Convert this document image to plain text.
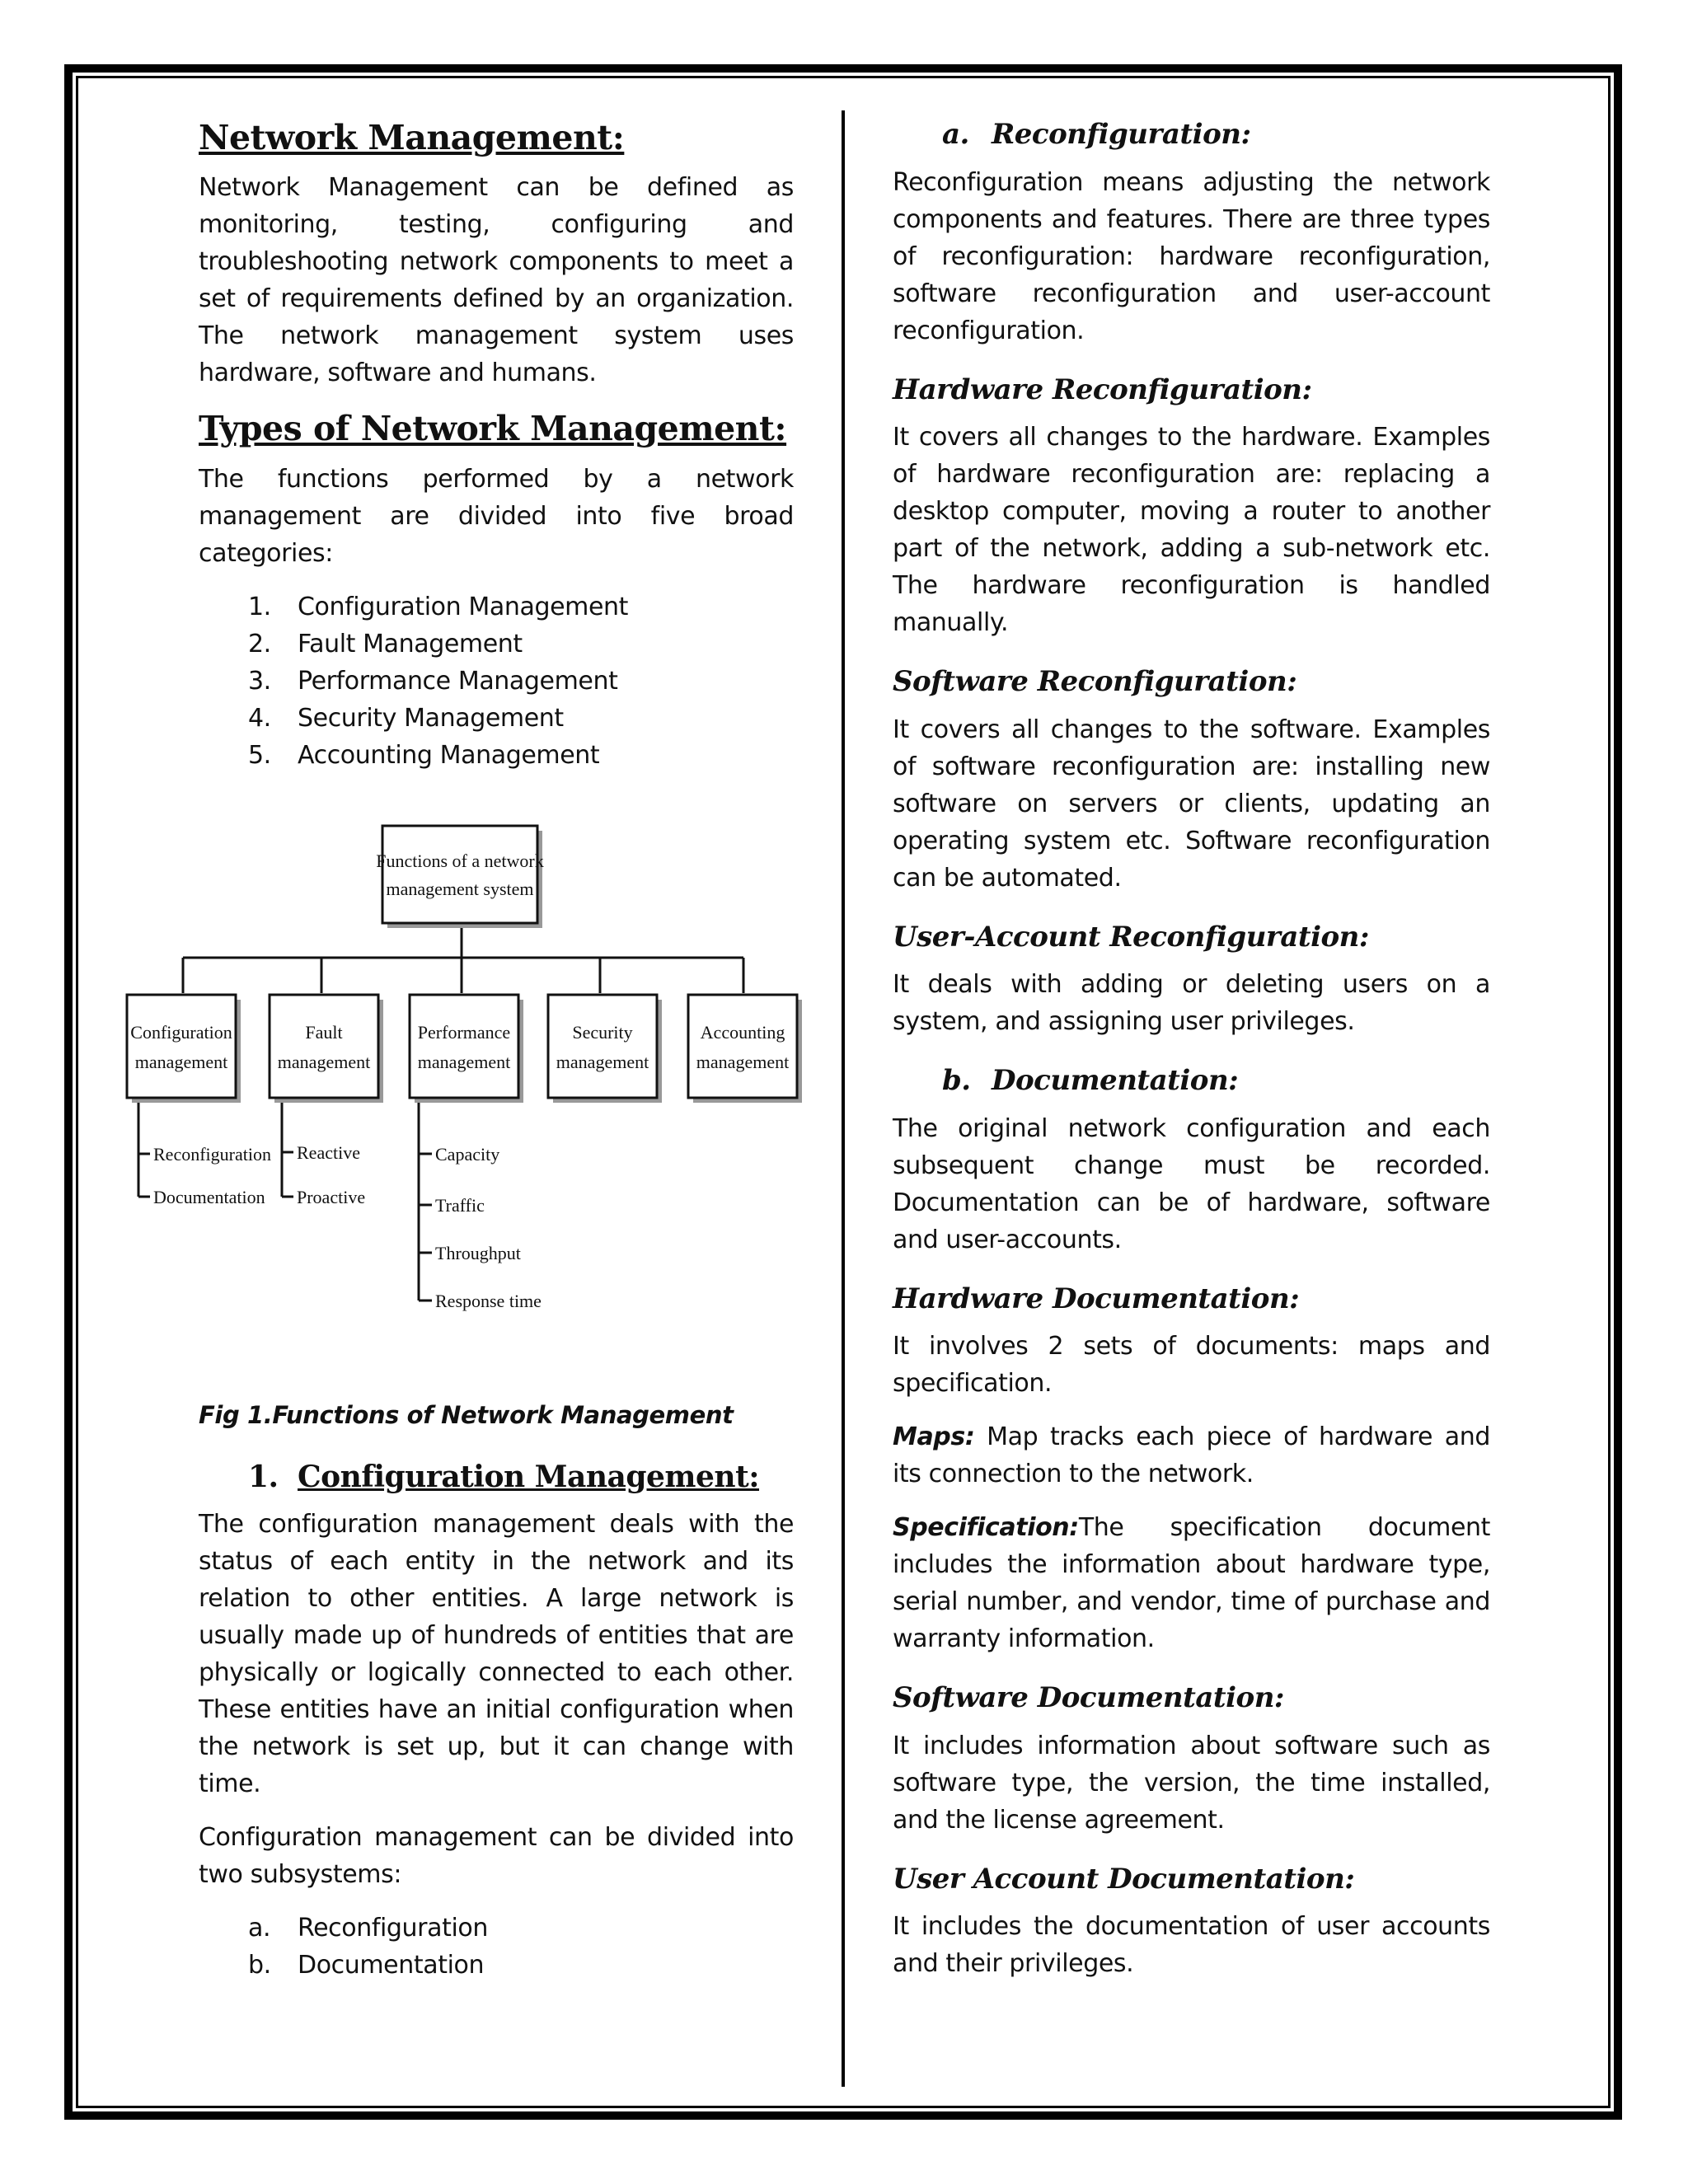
Network Management:

Network Management can be defined as monitoring, testing, configuring and troubleshooting network components to meet a set of requirements defined by an organization. The network management system uses hardware, software and humans.

Types of Network Management:

The functions performed by a network management are divided into five broad categories:

1. Configuration Management
2. Fault Management
3. Performance Management
4. Security Management
5. Accounting Management
Functions of a network
management system
Configuration
management
Fault
management
Performance
management
Security
management
Accounting
management
Reconfiguration
Documentation
Reactive
Proactive
Capacity
Traffic
Throughput
Response time
Fig 1.Functions of Network Management
1. Configuration Management:

The configuration management deals with the status of each entity in the network and its relation to other entities. A large network is usually made up of hundreds of entities that are physically or logically connected to each other. These entities have an initial configuration when the network is set up, but it can change with time.

Configuration management can be divided into two subsystems:

a. Reconfiguration
b. Documentation
a. Reconfiguration:

Reconfiguration means adjusting the network components and features. There are three types of reconfiguration: hardware reconfiguration, software reconfiguration and user-account reconfiguration.

Hardware Reconfiguration:

It covers all changes to the hardware. Examples of hardware reconfiguration are: replacing a desktop computer, moving a router to another part of the network, adding a sub-network etc. The hardware reconfiguration is handled manually.

Software Reconfiguration:

It covers all changes to the software. Examples of software reconfiguration are: installing new software on servers or clients, updating an operating system etc. Software reconfiguration can be automated.

User-Account Reconfiguration:

It deals with adding or deleting users on a system, and assigning user privileges.

b. Documentation:

The original network configuration and each subsequent change must be recorded. Documentation can be of hardware, software and user-accounts.

Hardware Documentation:

It involves 2 sets of documents: maps and specification.

Maps: Map tracks each piece of hardware and its connection to the network.

Specification:The specification document includes the information about hardware type, serial number, and vendor, time of purchase and warranty information.

Software Documentation:

It includes information about software such as software type, the version, the time installed, and the license agreement.

User Account Documentation:

It includes the documentation of user accounts and their privileges.
